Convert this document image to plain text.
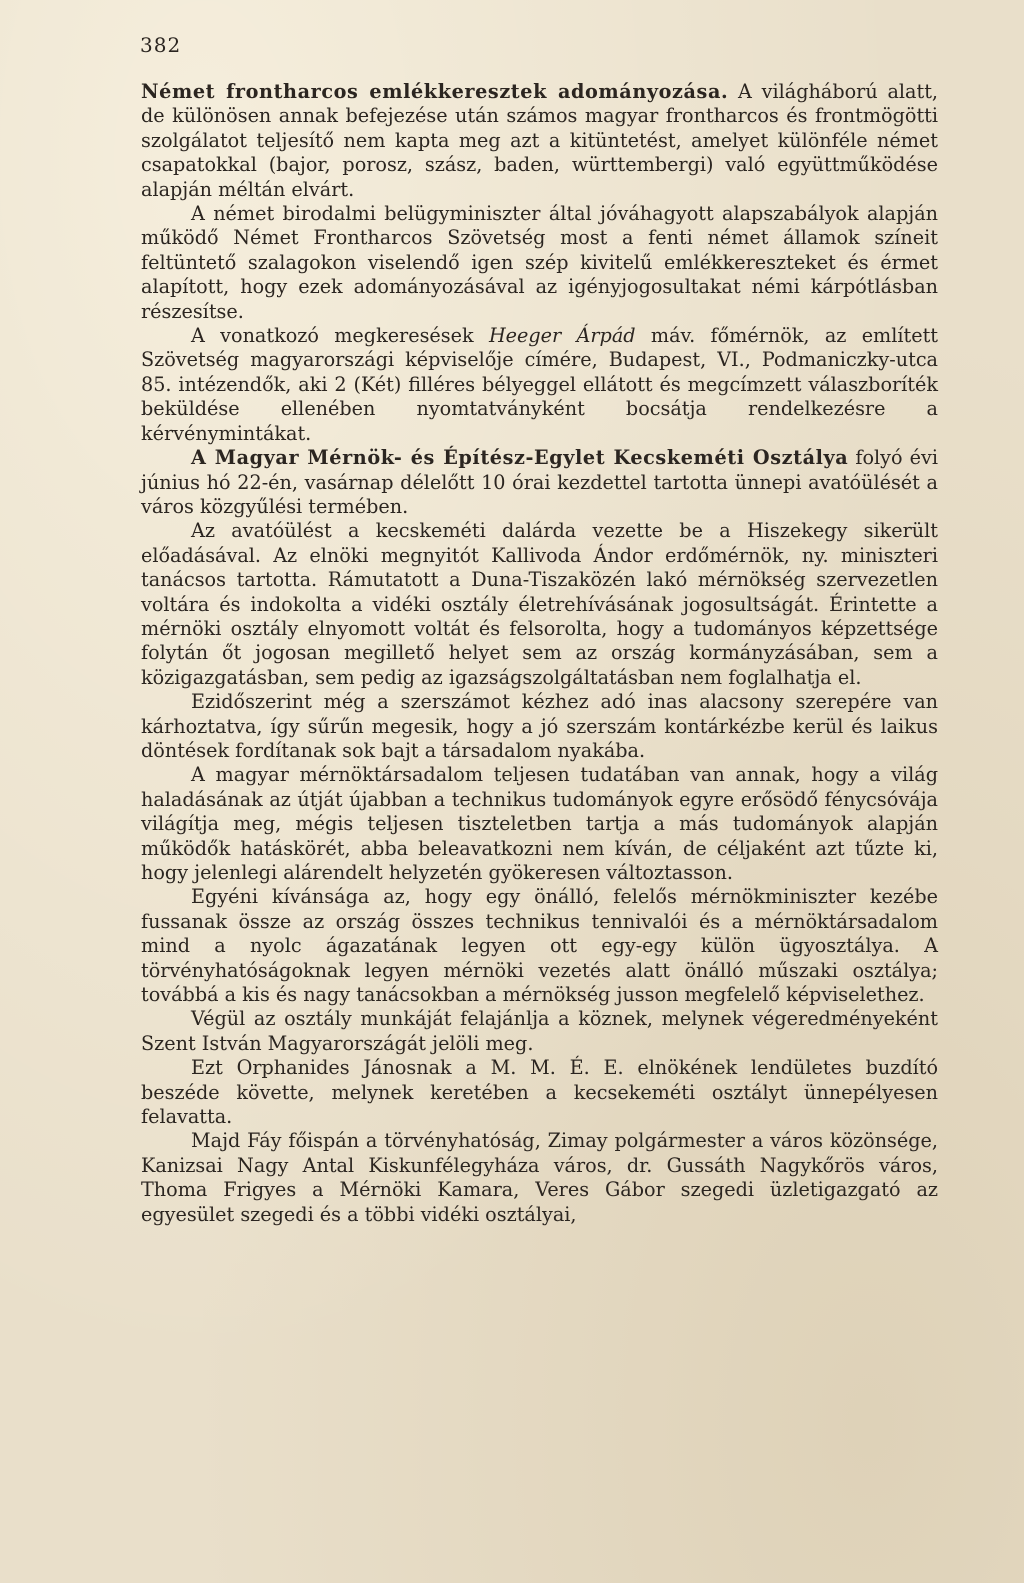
382

Német frontharcos emlékkeresztek adományozása. A világháború alatt, de különösen annak befejezése után számos magyar frontharcos és frontmögötti szolgálatot teljesítő nem kapta meg azt a kitüntetést, amelyet különféle német csapatokkal (bajor, porosz, szász, baden, württembergi) való együttműködése alapján méltán elvárt.

A német birodalmi belügyminiszter által jóváhagyott alapszabályok alapján működő Német Frontharcos Szövetség most a fenti német államok színeit feltüntető szalagokon viselendő igen szép kivitelű emlékkereszteket és érmet alapított, hogy ezek adományozásával az igényjogosultakat némi kárpótlásban részesítse.

A vonatkozó megkeresések Heeger Árpád máv. főmérnök, az említett Szövetség magyarországi képviselője címére, Budapest, VI., Podmaniczky-utca 85. intézendők, aki 2 (Két) filléres bélyeggel ellátott és megcímzett válaszboríték beküldése ellenében nyomtatványként bocsátja rendelkezésre a kérvénymintákat.

A Magyar Mérnök- és Építész-Egylet Kecskeméti Osztálya folyó évi június hó 22-én, vasárnap délelőtt 10 órai kezdettel tartotta ünnepi avatóülését a város közgyűlési termében.

Az avatóülést a kecskeméti dalárda vezette be a Hiszekegy sikerült előadásával. Az elnöki megnyitót Kallivoda Ándor erdőmérnök, ny. miniszteri tanácsos tartotta. Rámutatott a Duna-Tiszaközén lakó mérnökség szervezetlen voltára és indokolta a vidéki osztály életrehívásának jogosultságát. Érintette a mérnöki osztály elnyomott voltát és felsorolta, hogy a tudományos képzettsége folytán őt jogosan megillető helyet sem az ország kormányzásában, sem a közigazgatásban, sem pedig az igazságszolgáltatásban nem foglalhatja el.

Ezidőszerint még a szerszámot kézhez adó inas alacsony szerepére van kárhoztatva, így sűrűn megesik, hogy a jó szerszám kontárkézbe kerül és laikus döntések fordítanak sok bajt a társadalom nyakába.

A magyar mérnöktársadalom teljesen tudatában van annak, hogy a világ haladásának az útját újabban a technikus tudományok egyre erősödő fénycsóvája világítja meg, mégis teljesen tiszteletben tartja a más tudományok alapján működők hatáskörét, abba beleavatkozni nem kíván, de céljaként azt tűzte ki, hogy jelenlegi alárendelt helyzetén gyökeresen változtasson.

Egyéni kívánsága az, hogy egy önálló, felelős mérnökminiszter kezébe fussanak össze az ország összes technikus tennivalói és a mérnöktársadalom mind a nyolc ágazatának legyen ott egy-egy külön ügyosztálya. A törvényhatóságoknak legyen mérnöki vezetés alatt önálló műszaki osztálya; továbbá a kis és nagy tanácsokban a mérnökség jusson megfelelő képviselethez.

Végül az osztály munkáját felajánlja a köznek, melynek végeredményeként Szent István Magyarországát jelöli meg.

Ezt Orphanides Jánosnak a M. M. É. E. elnökének lendületes buzdító beszéde követte, melynek keretében a kecsekeméti osztályt ünnepélyesen felavatta.

Majd Fáy főispán a törvényhatóság, Zimay polgármester a város közönsége, Kanizsai Nagy Antal Kiskunfélegyháza város, dr. Gussáth Nagykőrös város, Thoma Frigyes a Mérnöki Kamara, Veres Gábor szegedi üzletigazgató az egyesület szegedi és a többi vidéki osztályai,
